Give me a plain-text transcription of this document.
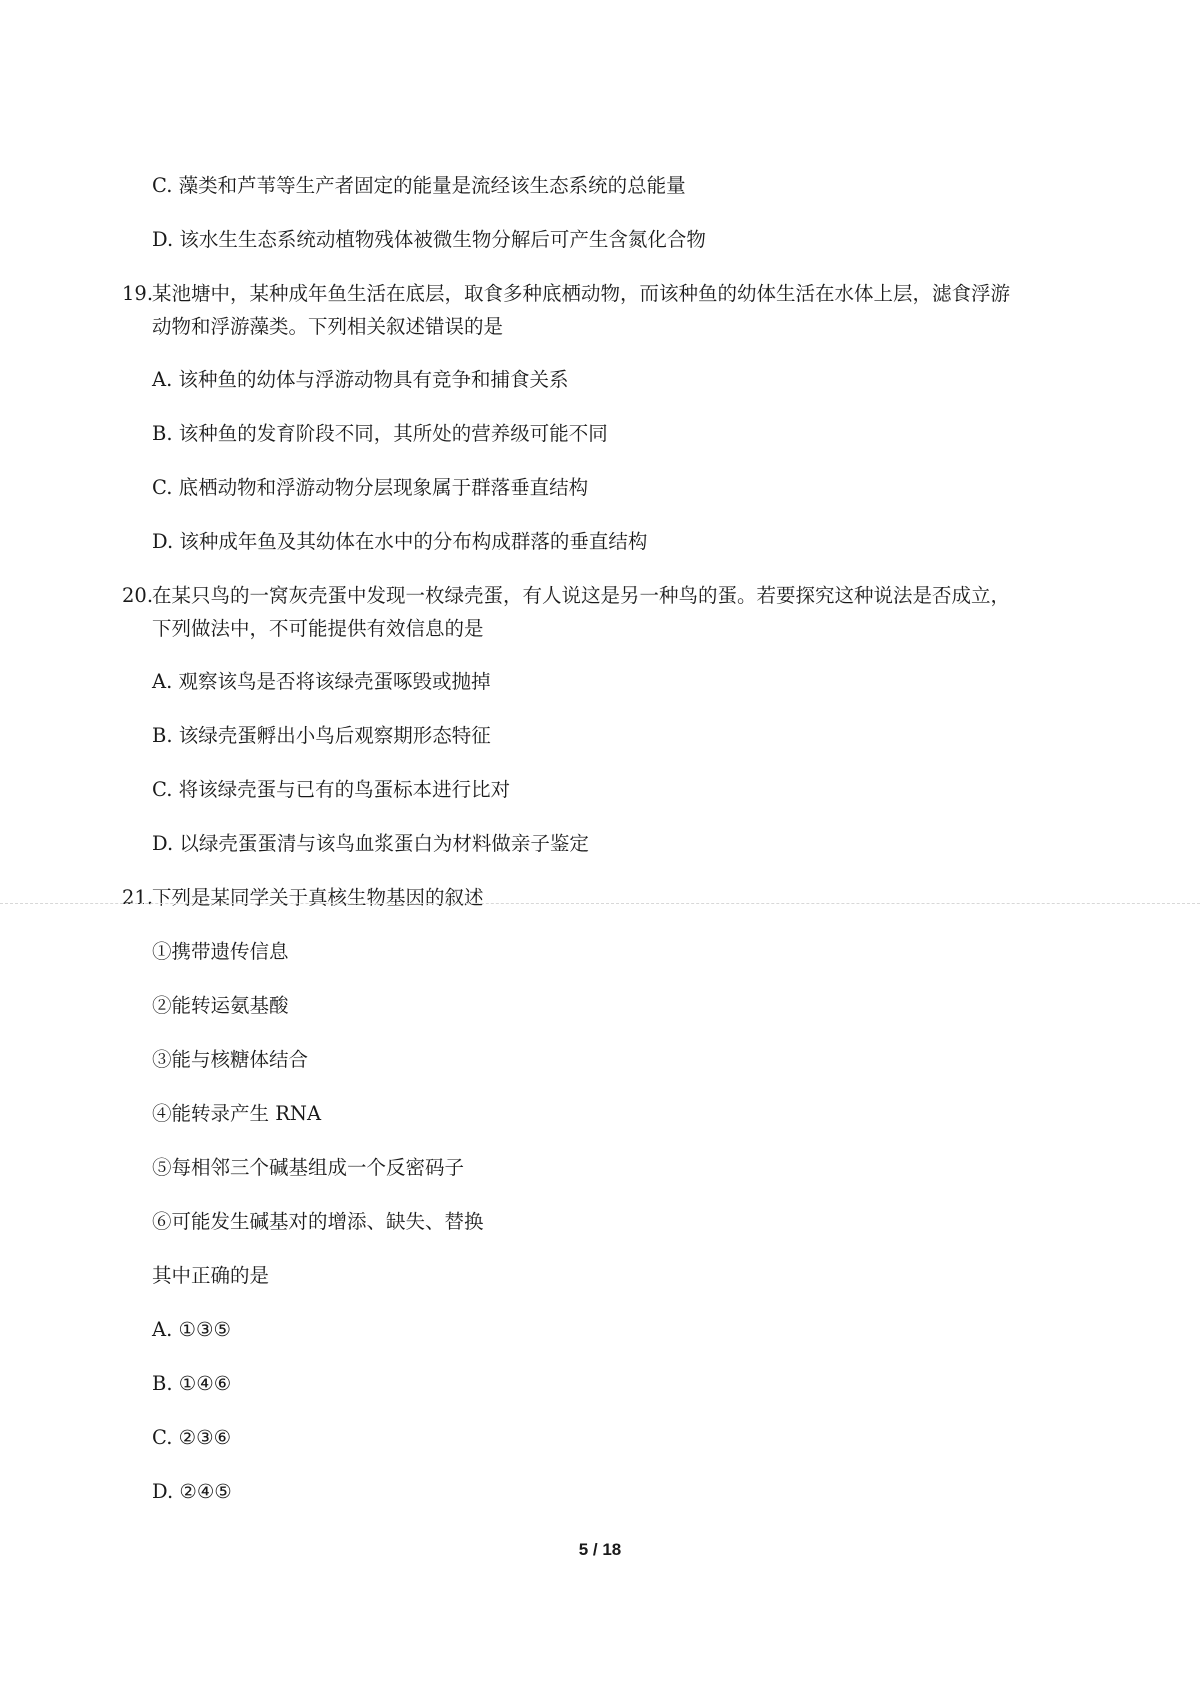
C. 藻类和芦苇等生产者固定的能量是流经该生态系统的总能量
D. 该水生生态系统动植物残体被微生物分解后可产生含氮化合物
19.某池塘中，某种成年鱼生活在底层，取食多种底栖动物，而该种鱼的幼体生活在水体上层，滤食浮游
动物和浮游藻类。下列相关叙述错误的是
A. 该种鱼的幼体与浮游动物具有竞争和捕食关系
B. 该种鱼的发育阶段不同，其所处的营养级可能不同
C. 底栖动物和浮游动物分层现象属于群落垂直结构
D. 该种成年鱼及其幼体在水中的分布构成群落的垂直结构
20.在某只鸟的一窝灰壳蛋中发现一枚绿壳蛋，有人说这是另一种鸟的蛋。若要探究这种说法是否成立，
下列做法中，不可能提供有效信息的是
A. 观察该鸟是否将该绿壳蛋啄毁或抛掉
B. 该绿壳蛋孵出小鸟后观察期形态特征
C. 将该绿壳蛋与已有的鸟蛋标本进行比对
D. 以绿壳蛋蛋清与该鸟血浆蛋白为材料做亲子鉴定
21.下列是某同学关于真核生物基因的叙述
①携带遗传信息
②能转运氨基酸
③能与核糖体结合
④能转录产生 RNA
⑤每相邻三个碱基组成一个反密码子
⑥可能发生碱基对的增添、缺失、替换
其中正确的是
A. ①③⑤
B. ①④⑥
C. ②③⑥
D. ②④⑤
5 / 18
